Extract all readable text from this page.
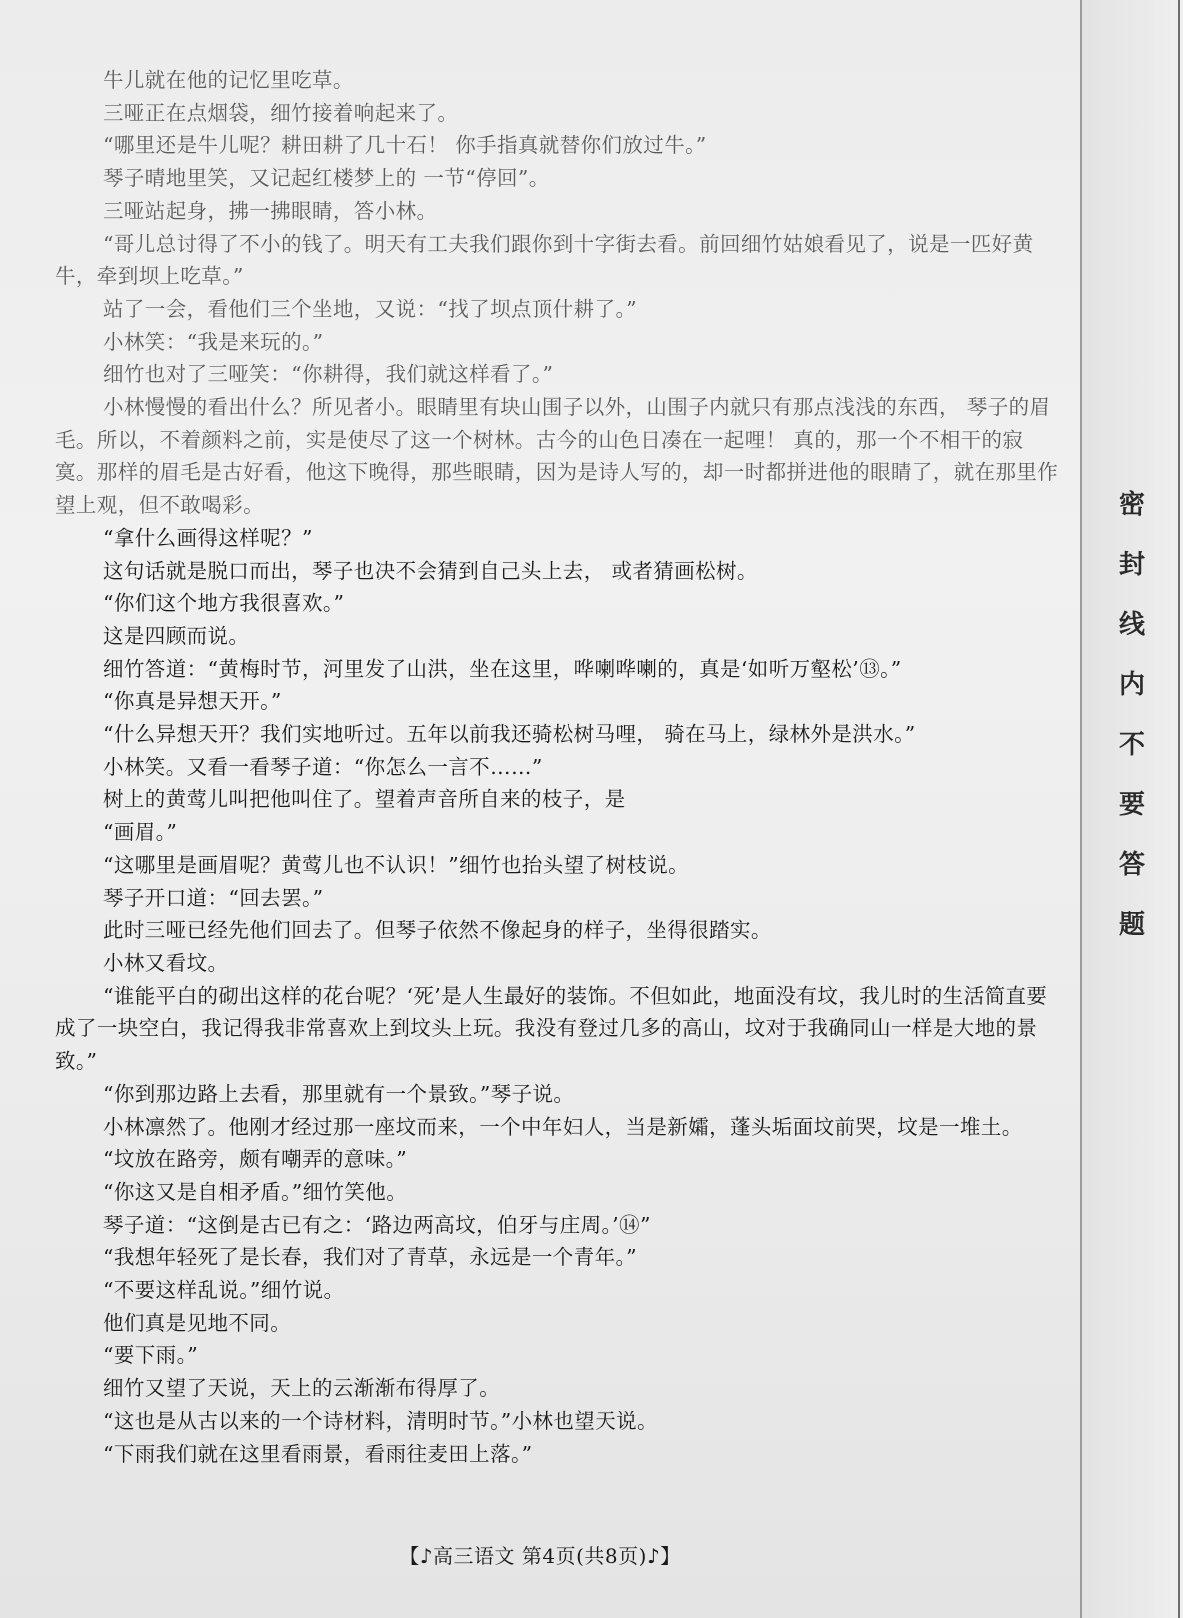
牛儿就在他的记忆里吃草。

三哑正在点烟袋，细竹接着响起来了。

“哪里还是牛儿呢？耕田耕了几十石！ 你手指真就替你们放过牛。”

琴子晴地里笑，又记起红楼梦上的 一节“停回”。

三哑站起身，拂一拂眼睛，答小林。

“哥儿总讨得了不小的钱了。明天有工夫我们跟你到十字街去看。前回细竹姑娘看见了，说是一匹好黄牛，牵到坝上吃草。”

站了一会，看他们三个坐地，又说：“找了坝点顶什耕了。”

小林笑：“我是来玩的。”

细竹也对了三哑笑：“你耕得，我们就这样看了。”

小林慢慢的看出什么？所见者小。眼睛里有块山围子以外，山围子内就只有那点浅浅的东西， 琴子的眉毛。所以，不着颜料之前，实是使尽了这一个树林。古今的山色日凑在一起哩！ 真的，那一个不相干的寂寞。那样的眉毛是古好看，他这下晚得，那些眼睛，因为是诗人写的，却一时都拼进他的眼睛了，就在那里作望上观，但不敢喝彩。

“拿什么画得这样呢？”

这句话就是脱口而出，琴子也决不会猜到自己头上去， 或者猜画松树。

“你们这个地方我很喜欢。”

这是四顾而说。

细竹答道：“黄梅时节，河里发了山洪，坐在这里，哗喇哗喇的，真是‘如听万壑松’⑬。”

“你真是异想天开。”

“什么异想天开？我们实地听过。五年以前我还骑松树马哩， 骑在马上，绿林外是洪水。”

小林笑。又看一看琴子道：“你怎么一言不……”

树上的黄莺儿叫把他叫住了。望着声音所自来的枝子，是

“画眉。”

“这哪里是画眉呢？黄莺儿也不认识！”细竹也抬头望了树枝说。

琴子开口道：“回去罢。”

此时三哑已经先他们回去了。但琴子依然不像起身的样子，坐得很踏实。

小林又看坟。

“谁能平白的砌出这样的花台呢？‘死’是人生最好的装饰。不但如此，地面没有坟，我儿时的生活简直要成了一块空白，我记得我非常喜欢上到坟头上玩。我没有登过几多的高山，坟对于我确同山一样是大地的景致。”

“你到那边路上去看，那里就有一个景致。”琴子说。

小林凛然了。他刚才经过那一座坟而来，一个中年妇人，当是新孀，蓬头垢面坟前哭，坟是一堆土。

“坟放在路旁，颇有嘲弄的意味。”

“你这又是自相矛盾。”细竹笑他。

琴子道：“这倒是古已有之：‘路边两高坟，伯牙与庄周。’⑭”

“我想年轻死了是长春，我们对了青草，永远是一个青年。”

“不要这样乱说。”细竹说。

他们真是见地不同。

“要下雨。”

细竹又望了天说，天上的云渐渐布得厚了。

“这也是从古以来的一个诗材料，清明时节。”小林也望天说。

“下雨我们就在这里看雨景，看雨往麦田上落。”

密
封
线
内
不
要
答
题
【♪高三语文 第4页(共8页)♪】
